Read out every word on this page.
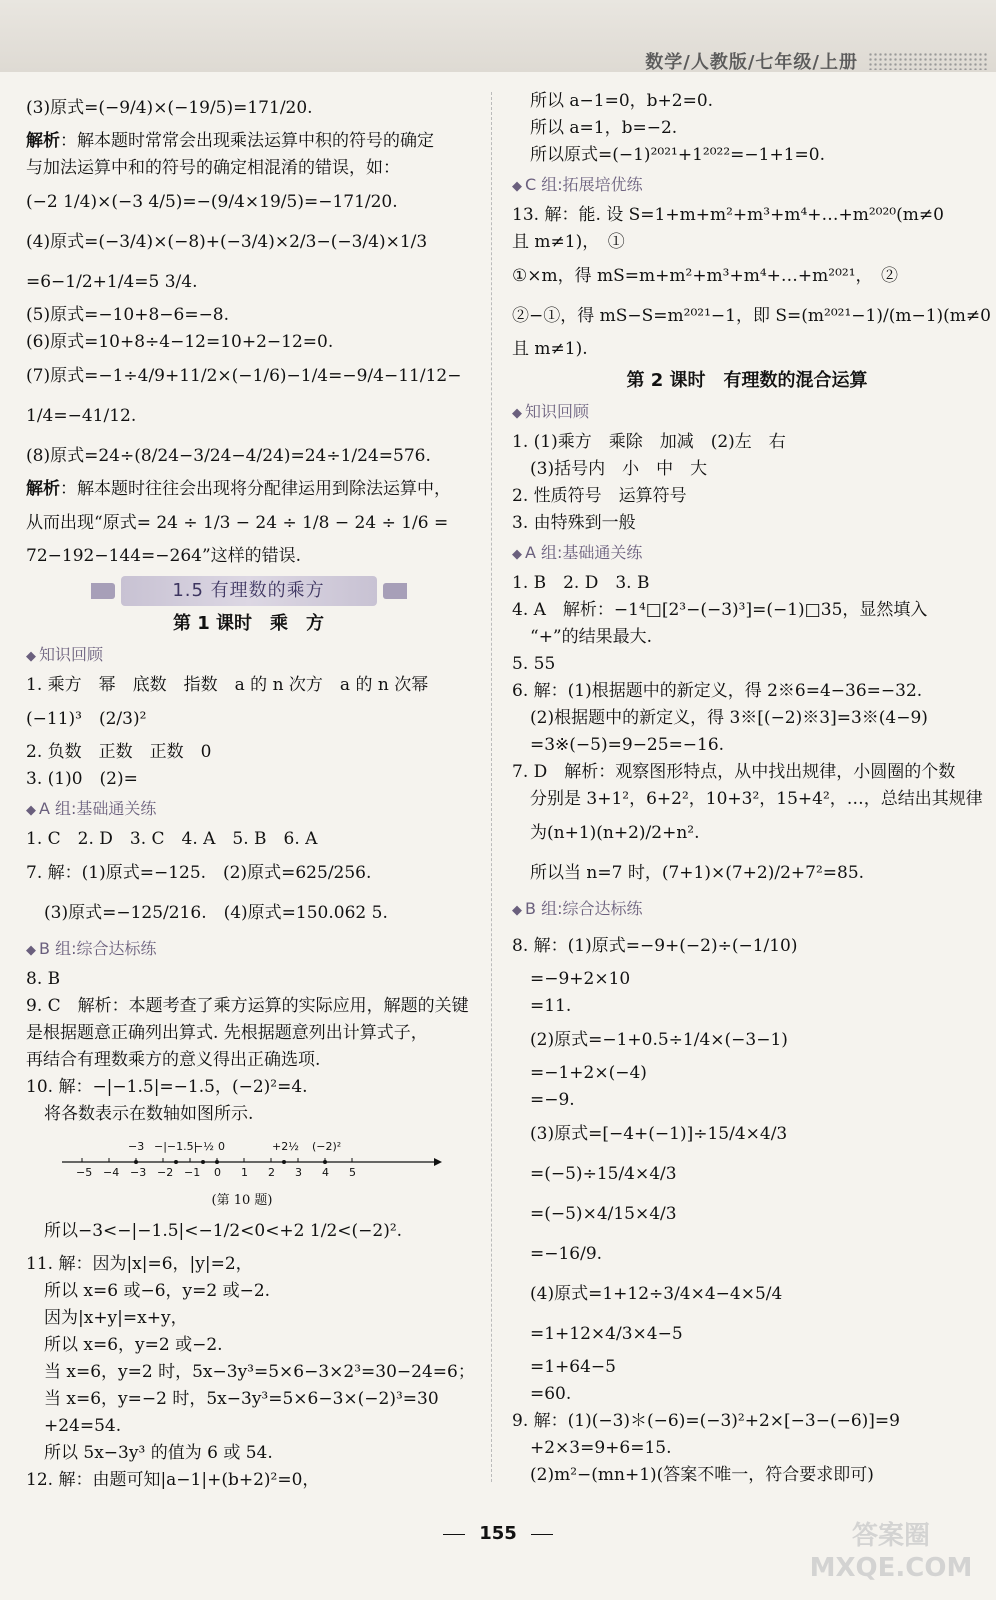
数学/人教版/七年级/上册

(3)原式=(−9/4)×(−19/5)=171/20.

解析：解本题时常常会出现乘法运算中积的符号的确定

与加法运算中和的符号的确定相混淆的错误，如：

(−2 1/4)×(−3 4/5)=−(9/4×19/5)=−171/20.

(4)原式=(−3/4)×(−8)+(−3/4)×2/3−(−3/4)×1/3

=6−1/2+1/4=5 3/4.

(5)原式=−10+8−6=−8.

(6)原式=10+8÷4−12=10+2−12=0.

(7)原式=−1÷4/9+11/2×(−1/6)−1/4=−9/4−11/12−

1/4=−41/12.

(8)原式=24÷(8/24−3/24−4/24)=24÷1/24=576.

解析：解本题时往往会出现将分配律运用到除法运算中，

从而出现“原式= 24 ÷ 1/3 − 24 ÷ 1/8 − 24 ÷ 1/6 =

72−192−144=−264”这样的错误.

1.5 有理数的乘方
第 1 课时　乘　方
◆ 知识回顾

1. 乘方　幂　底数　指数　a 的 n 次方　a 的 n 次幂

(−11)³　(2/3)²

2. 负数　正数　正数　0

3. (1)0　(2)=

◆ A 组:基础通关练

1. C　2. D　3. C　4. A　5. B　6. A

7. 解：(1)原式=−125.　(2)原式=625/256.

(3)原式=−125/216.　(4)原式=150.062 5.

◆ B 组:综合达标练

8. B

9. C　解析：本题考查了乘方运算的实际应用，解题的关键

是根据题意正确列出算式. 先根据题意列出计算式子，

再结合有理数乘方的意义得出正确选项.

10. 解：−|−1.5|=−1.5，(−2)²=4.

将各数表示在数轴如图所示.

−5 −4 −3 −2 −1 0 1 2 3 4 5
−3 −|−1.5|
−½ 0	+2½ (−2)²
(第 10 题)

所以−3<−|−1.5|<−1/2<0<+2 1/2<(−2)².

11. 解：因为|x|=6，|y|=2，

所以 x=6 或−6，y=2 或−2.

因为|x+y|=x+y，

所以 x=6，y=2 或−2.

当 x=6，y=2 时，5x−3y³=5×6−3×2³=30−24=6；

当 x=6，y=−2 时，5x−3y³=5×6−3×(−2)³=30

+24=54.

所以 5x−3y³ 的值为 6 或 54.

12. 解：由题可知|a−1|+(b+2)²=0，

所以 a−1=0，b+2=0.

所以 a=1，b=−2.

所以原式=(−1)²⁰²¹+1²⁰²²=−1+1=0.

◆ C 组:拓展培优练

13. 解：能. 设 S=1+m+m²+m³+m⁴+…+m²⁰²⁰(m≠0

且 m≠1)，　①

①×m，得 mS=m+m²+m³+m⁴+…+m²⁰²¹，　②

②−①，得 mS−S=m²⁰²¹−1，即 S=(m²⁰²¹−1)/(m−1)(m≠0

且 m≠1).

第 2 课时　有理数的混合运算
◆ 知识回顾

1. (1)乘方　乘除　加减　(2)左　右

(3)括号内　小　中　大

2. 性质符号　运算符号

3. 由特殊到一般

◆ A 组:基础通关练

1. B　2. D　3. B

4. A　解析：−1⁴□[2³−(−3)³]=(−1)□35，显然填入

“+”的结果最大.

5. 55

6. 解：(1)根据题中的新定义，得 2※6=4−36=−32.

(2)根据题中的新定义，得 3※[(−2)※3]=3※(4−9)

=3※(−5)=9−25=−16.

7. D　解析：观察图形特点，从中找出规律，小圆圈的个数

分别是 3+1²，6+2²，10+3²，15+4²，…，总结出其规律

为(n+1)(n+2)/2+n².

所以当 n=7 时，(7+1)×(7+2)/2+7²=85.

◆ B 组:综合达标练

8. 解：(1)原式=−9+(−2)÷(−1/10)

=−9+2×10

=11.

(2)原式=−1+0.5÷1/4×(−3−1)

=−1+2×(−4)

=−9.

(3)原式=[−4+(−1)]÷15/4×4/3

=(−5)÷15/4×4/3

=(−5)×4/15×4/3

=−16/9.

(4)原式=1+12÷3/4×4−4×5/4

=1+12×4/3×4−5

=1+64−5

=60.

9. 解：(1)(−3)＊(−6)=(−3)²+2×[−3−(−6)]=9

+2×3=9+6=15.

(2)m²−(mn+1)(答案不唯一，符合要求即可)

155	答案圈 MXQE.COM
